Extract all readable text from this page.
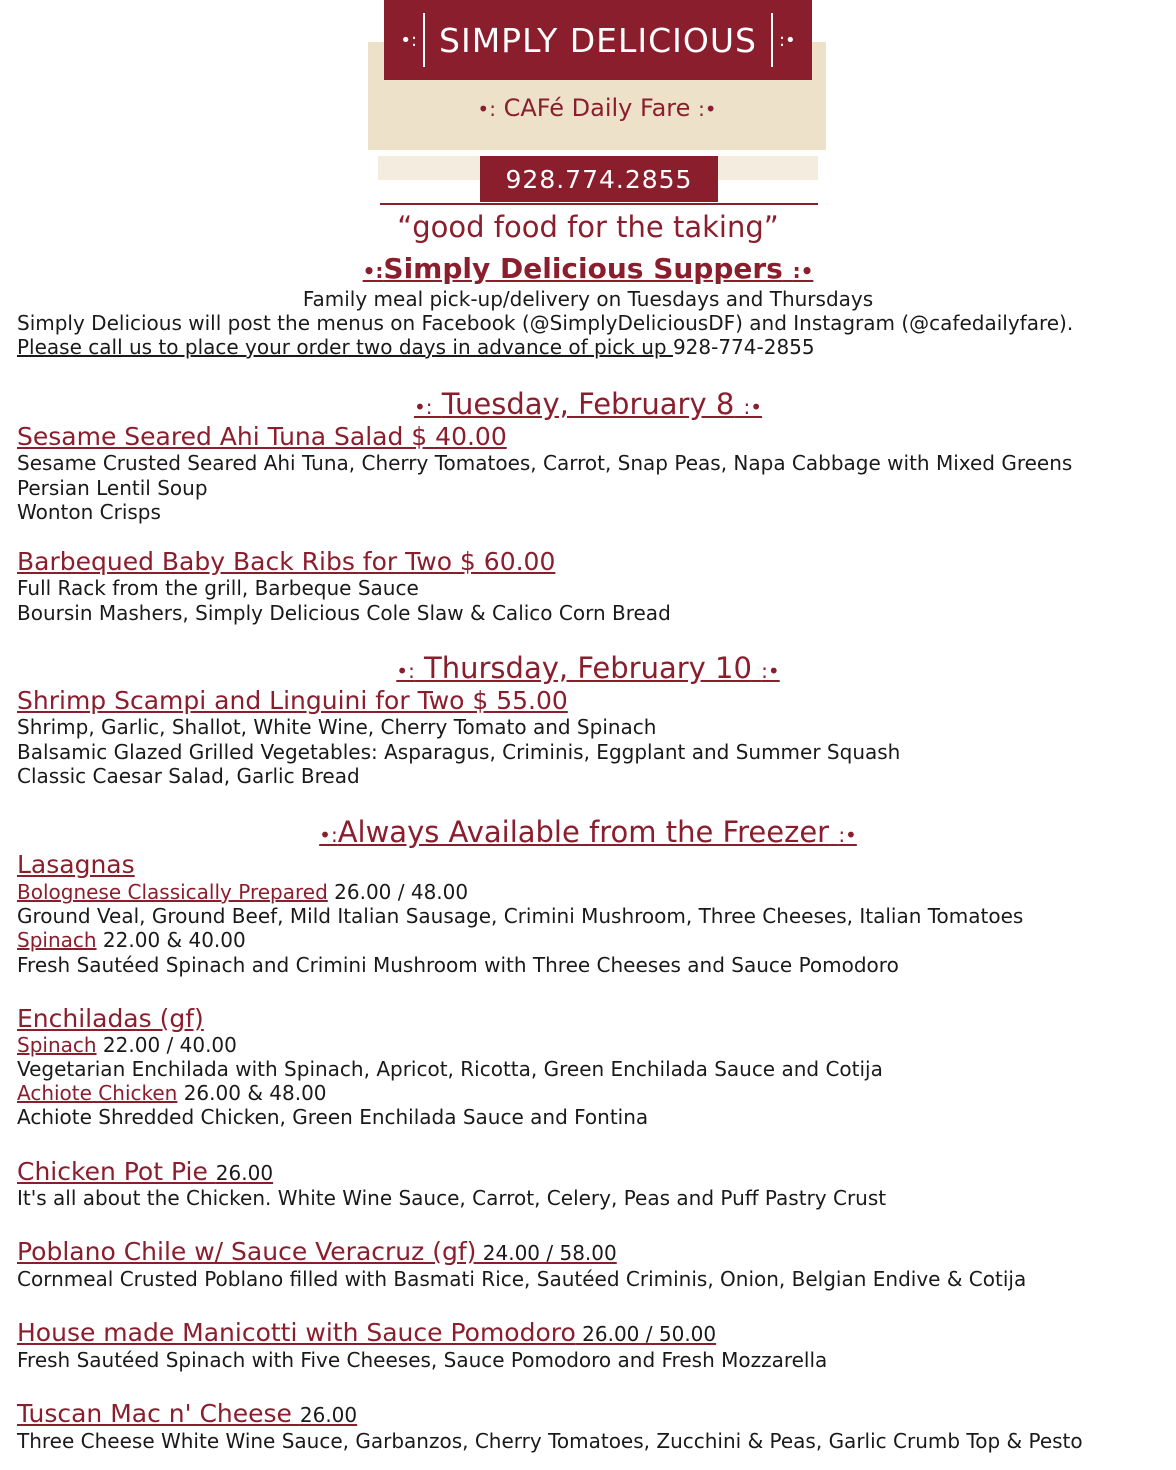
•: SIMPLY DELICIOUS :•
•: CAFé Daily Fare :•
928.774.2855
“good food for the taking”
•:Simply Delicious Suppers :•
Family meal pick-up/delivery on Tuesdays and Thursdays
Simply Delicious will post the menus on Facebook (@SimplyDeliciousDF) and Instagram (@cafedailyfare).
Please call us to place your order two days in advance of pick up 928-774-2855
•: Tuesday, February 8 :•
Sesame Seared Ahi Tuna Salad $ 40.00
Sesame Crusted Seared Ahi Tuna, Cherry Tomatoes, Carrot, Snap Peas, Napa Cabbage with Mixed Greens
Persian Lentil Soup
Wonton Crisps
Barbequed Baby Back Ribs for Two $ 60.00
Full Rack from the grill, Barbeque Sauce
Boursin Mashers, Simply Delicious Cole Slaw & Calico Corn Bread
•: Thursday, February 10 :•
Shrimp Scampi and Linguini for Two $ 55.00
Shrimp, Garlic, Shallot, White Wine, Cherry Tomato and Spinach
Balsamic Glazed Grilled Vegetables: Asparagus, Criminis, Eggplant and Summer Squash
Classic Caesar Salad, Garlic Bread
•:Always Available from the Freezer :•
Lasagnas
Bolognese Classically Prepared 26.00 / 48.00
Ground Veal, Ground Beef, Mild Italian Sausage, Crimini Mushroom, Three Cheeses, Italian Tomatoes
Spinach 22.00 & 40.00
Fresh Sautéed Spinach and Crimini Mushroom with Three Cheeses and Sauce Pomodoro
Enchiladas (gf)
Spinach 22.00 / 40.00
Vegetarian Enchilada with Spinach, Apricot, Ricotta, Green Enchilada Sauce and Cotija
Achiote Chicken 26.00 & 48.00
Achiote Shredded Chicken, Green Enchilada Sauce and Fontina
Chicken Pot Pie 26.00
It's all about the Chicken. White Wine Sauce, Carrot, Celery, Peas and Puff Pastry Crust
Poblano Chile w/ Sauce Veracruz (gf) 24.00 / 58.00
Cornmeal Crusted Poblano filled with Basmati Rice, Sautéed Criminis, Onion, Belgian Endive & Cotija
House made Manicotti with Sauce Pomodoro 26.00 / 50.00
Fresh Sautéed Spinach with Five Cheeses, Sauce Pomodoro and Fresh Mozzarella
Tuscan Mac n' Cheese 26.00
Three Cheese White Wine Sauce, Garbanzos, Cherry Tomatoes, Zucchini & Peas, Garlic Crumb Top & Pesto
